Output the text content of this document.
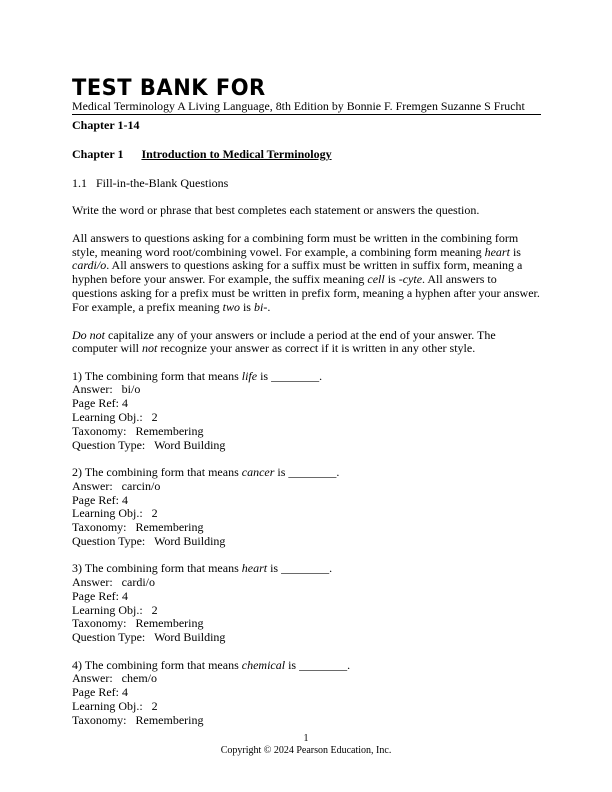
TEST BANK FOR
Medical Terminology A Living Language, 8th Edition by Bonnie F. Fremgen Suzanne S Frucht
Chapter 1-14
Chapter 1 Introduction to Medical Terminology
1.1 Fill-in-the-Blank Questions
Write the word or phrase that best completes each statement or answers the question.
All answers to questions asking for a combining form must be written in the combining form style, meaning word root/combining vowel. For example, a combining form meaning heart is cardi/o. All answers to questions asking for a suffix must be written in suffix form, meaning a hyphen before your answer. For example, the suffix meaning cell is -cyte. All answers to questions asking for a prefix must be written in prefix form, meaning a hyphen after your answer. For example, a prefix meaning two is bi-.
Do not capitalize any of your answers or include a period at the end of your answer. The computer will not recognize your answer as correct if it is written in any other style.
1) The combining form that means life is ________.
Answer: bi/o
Page Ref: 4
Learning Obj.: 2
Taxonomy: Remembering
Question Type: Word Building
2) The combining form that means cancer is ________.
Answer: carcin/o
Page Ref: 4
Learning Obj.: 2
Taxonomy: Remembering
Question Type: Word Building
3) The combining form that means heart is ________.
Answer: cardi/o
Page Ref: 4
Learning Obj.: 2
Taxonomy: Remembering
Question Type: Word Building
4) The combining form that means chemical is ________.
Answer: chem/o
Page Ref: 4
Learning Obj.: 2
Taxonomy: Remembering
1
Copyright © 2024 Pearson Education, Inc.
